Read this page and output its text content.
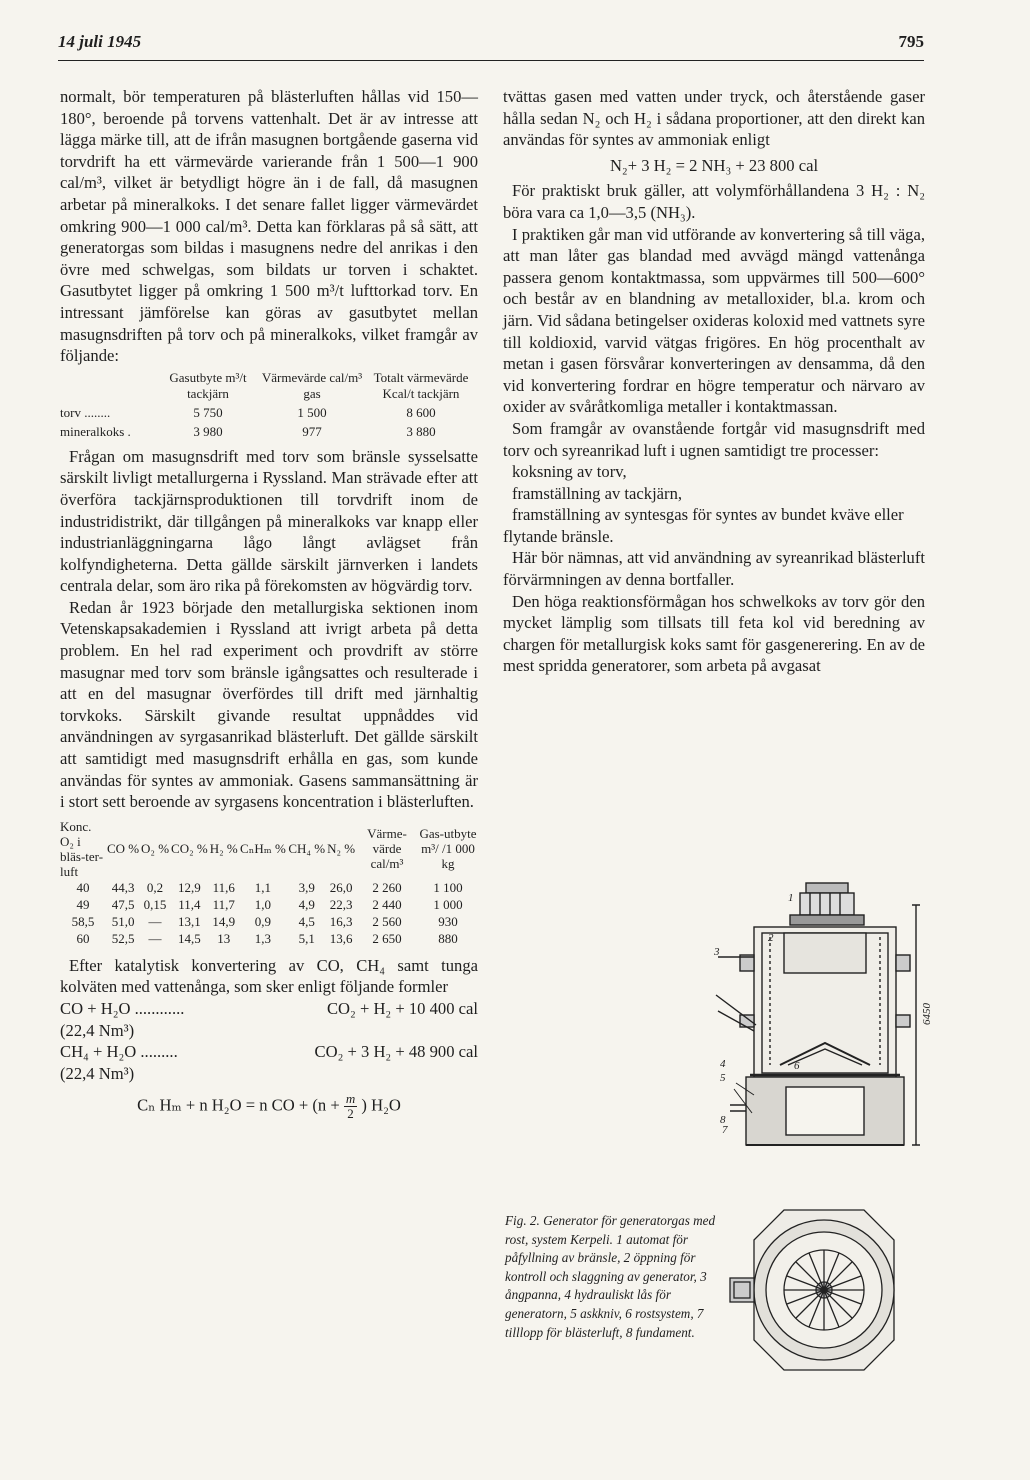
14 juli 1945	795

normalt, bör temperaturen på blästerluften hållas vid 150—180°, beroende på torvens vattenhalt. Det är av intresse att lägga märke till, att de ifrån masugnen bortgående gaserna vid torvdrift ha ett värmevärde varierande från 1 500—1 900 cal/m³, vilket är betydligt högre än i de fall, då masugnen arbetar på mineralkoks. I det senare fallet ligger värmevärdet omkring 900—1 000 cal/m³. Detta kan förklaras på så sätt, att generatorgas som bildas i masugnens nedre del anrikas i den övre med schwelgas, som bildats ur torven i schaktet. Gasutbytet ligger på omkring 1 500 m³/t lufttorkad torv. En intressant jämförelse kan göras av gasutbytet mellan masugnsdriften på torv och på mineralkoks, vilket framgår av följande:

	Gasutbyte m³/t tackjärn	Värmevärde cal/m³ gas	Totalt värmevärde Kcal/t tackjärn
torv ........	5 750	1 500	8 600
mineralkoks .	3 980	977	3 880

Frågan om masugnsdrift med torv som bränsle sysselsatte särskilt livligt metallurgerna i Ryssland. Man strävade efter att överföra tackjärnsproduktionen till torvdrift inom de industridistrikt, där tillgången på mineralkoks var knapp eller industrianläggningarna lågo långt avlägset från kolfyndigheterna. Detta gällde särskilt järnverken i landets centrala delar, som äro rika på förekomsten av högvärdig torv.

Redan år 1923 började den metallurgiska sektionen inom Vetenskapsakademien i Ryssland att ivrigt arbeta på detta problem. En hel rad experiment och provdrift av större masugnar med torv som bränsle igångsattes och resulterade i att en del masugnar överfördes till drift med järnhaltig torvkoks. Särskilt givande resultat uppnåddes vid användningen av syrgasanrikad blästerluft. Det gällde särskilt att samtidigt med masugnsdrift erhålla en gas, som kunde användas för syntes av ammoniak. Gasens sammansättning är i stort sett beroende av syrgasens koncentration i blästerluften.

Konc. O₂ i bläs-ter-luft	CO %	O₂ %	CO₂ %	H₂ %	CₙHₘ %	CH₄ %	N₂ %	Värme-värde cal/m³	Gas-utbyte m³/ /1 000 kg
40	44,3	0,2	12,9	11,6	1,1	3,9	26,0	2 260	1 100
49	47,5	0,15	11,4	11,7	1,0	4,9	22,3	2 440	1 000
58,5	51,0	—	13,1	14,9	0,9	4,5	16,3	2 560	930
60	52,5	—	14,5	13	1,3	5,1	13,6	2 650	880

Efter katalytisk konvertering av CO, CH₄ samt tunga kolväten med vattenånga, som sker enligt följande formler

CO + H₂O ............	CO₂ + H₂ + 10 400 cal

(22,4 Nm³)

CH₄ + H₂O .........	CO₂ + 3 H₂ + 48 900 cal

(22,4 Nm³)

Cₙ Hₘ + n H₂O = n CO + ($n + \frac{m}{2}$ ) H₂O

tvättas gasen med vatten under tryck, och återstående gaser hålla sedan N₂ och H₂ i sådana proportioner, att den direkt kan användas för syntes av ammoniak enligt

N₂+ 3 H₂ = 2 NH₃ + 23 800 cal

För praktiskt bruk gäller, att volymförhållandena 3 H₂ : N₂ böra vara ca 1,0—3,5 (NH₃).

I praktiken går man vid utförande av konvertering så till väga, att man låter gas blandad med avvägd mängd vattenånga passera genom kontaktmassa, som uppvärmes till 500—600° och består av en blandning av metalloxider, bl.a. krom och järn. Vid sådana betingelser oxideras koloxid med vattnets syre till koldioxid, varvid vätgas frigöres. En hög procenthalt av metan i gasen försvårar konverteringen av densamma, då den vid konvertering fordrar en högre temperatur och närvaro av oxider av svåråtkomliga metaller i kontaktmassan.

Som framgår av ovanstående fortgår vid masugnsdrift med torv och syreanrikad luft i ugnen samtidigt tre processer:

koksning av torv,

framställning av tackjärn,

framställning av syntesgas för syntes av bundet kväve eller flytande bränsle.

Här bör nämnas, att vid användning av syreanrikad blästerluft förvärmningen av denna bortfaller.

Den höga reaktionsförmågan hos schwelkoks av torv gör den mycket lämplig som tillsats till feta kol vid beredning av chargen för metallurgisk koks samt för gasgenerering. En av de mest spridda generatorer, som arbeta på avgasat

1
2
3
4
5
6
7
8
6450
Fig. 2. Generator för generatorgas med rost, system Kerpeli. 1 automat för påfyllning av bränsle, 2 öppning för kontroll och slaggning av generator, 3 ångpanna, 4 hydrauliskt lås för generatorn, 5 askkniv, 6 rostsystem, 7 tilllopp för blästerluft, 8 fundament.
